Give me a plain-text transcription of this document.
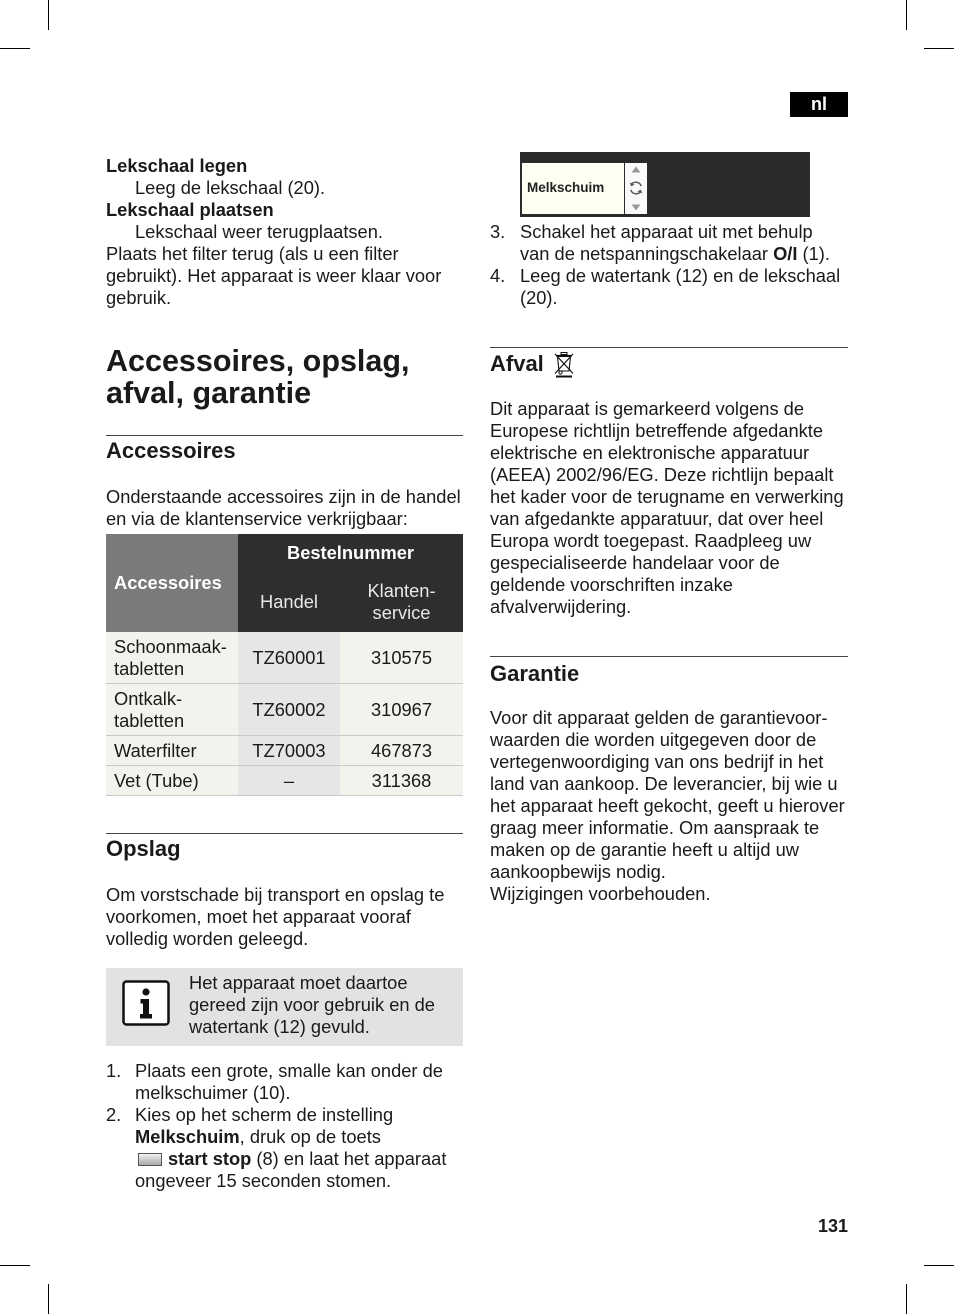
nl
Lekschaal legen
Leeg de lekschaal (20).
Lekschaal plaatsen
Lekschaal weer terugplaatsen.
Plaats het filter terug (als u een filter
gebruikt). Het apparaat is weer klaar voor
gebruik.
Accessoires, opslag,
afval, garantie
Accessoires
Onderstaande accessoires zijn in de handel
en via de klantenservice verkrijgbaar:
Accessoires
Bestelnummer
Handel
Klanten-
service
Schoonmaak-
tabletten
TZ60001 310575
Ontkalk-
tabletten
TZ60002 310967
Waterfilter	TZ70003 467873
Vet (Tube)	–	311368
Opslag
Om vorstschade bij transport en opslag te
voorkomen, moet het apparaat vooraf
volledig worden geleegd.
Het apparaat moet daartoe
gereed zijn voor gebruik en de
watertank (12) gevuld.
1. Plaats een grote, smalle kan onder de
melkschuimer (10).
2. Kies op het scherm de instelling
Melkschuim, druk op de toets
start stop (8) en laat het apparaat
ongeveer 15 seconden stomen.
Melkschuim
3. Schakel het apparaat uit met behulp
van de netspanningschakelaar O/I (1).
4. Leeg de watertank (12) en de lekschaal
(20).
Afval
Dit apparaat is gemarkeerd volgens de
Europese richtlijn betreffende afgedankte
elektrische en elektronische apparatuur
(AEEA) 2002/96/EG. Deze richtlijn bepaalt
het kader voor de terugname en verwerking
van afgedankte apparatuur, dat over heel
Europa wordt toegepast. Raadpleeg uw
gespecialiseerde handelaar voor de
geldende voorschriften inzake
afvalverwijdering.
Garantie
Voor dit apparaat gelden de garantievoor-
waarden die worden uitgegeven door de
vertegenwoordiging van ons bedrijf in het
land van aankoop. De leverancier, bij wie u
het apparaat heeft gekocht, geeft u hierover
graag meer informatie. Om aanspraak te
maken op de garantie heeft u altijd uw
aankoopbewijs nodig.
Wijzigingen voorbehouden.
131
